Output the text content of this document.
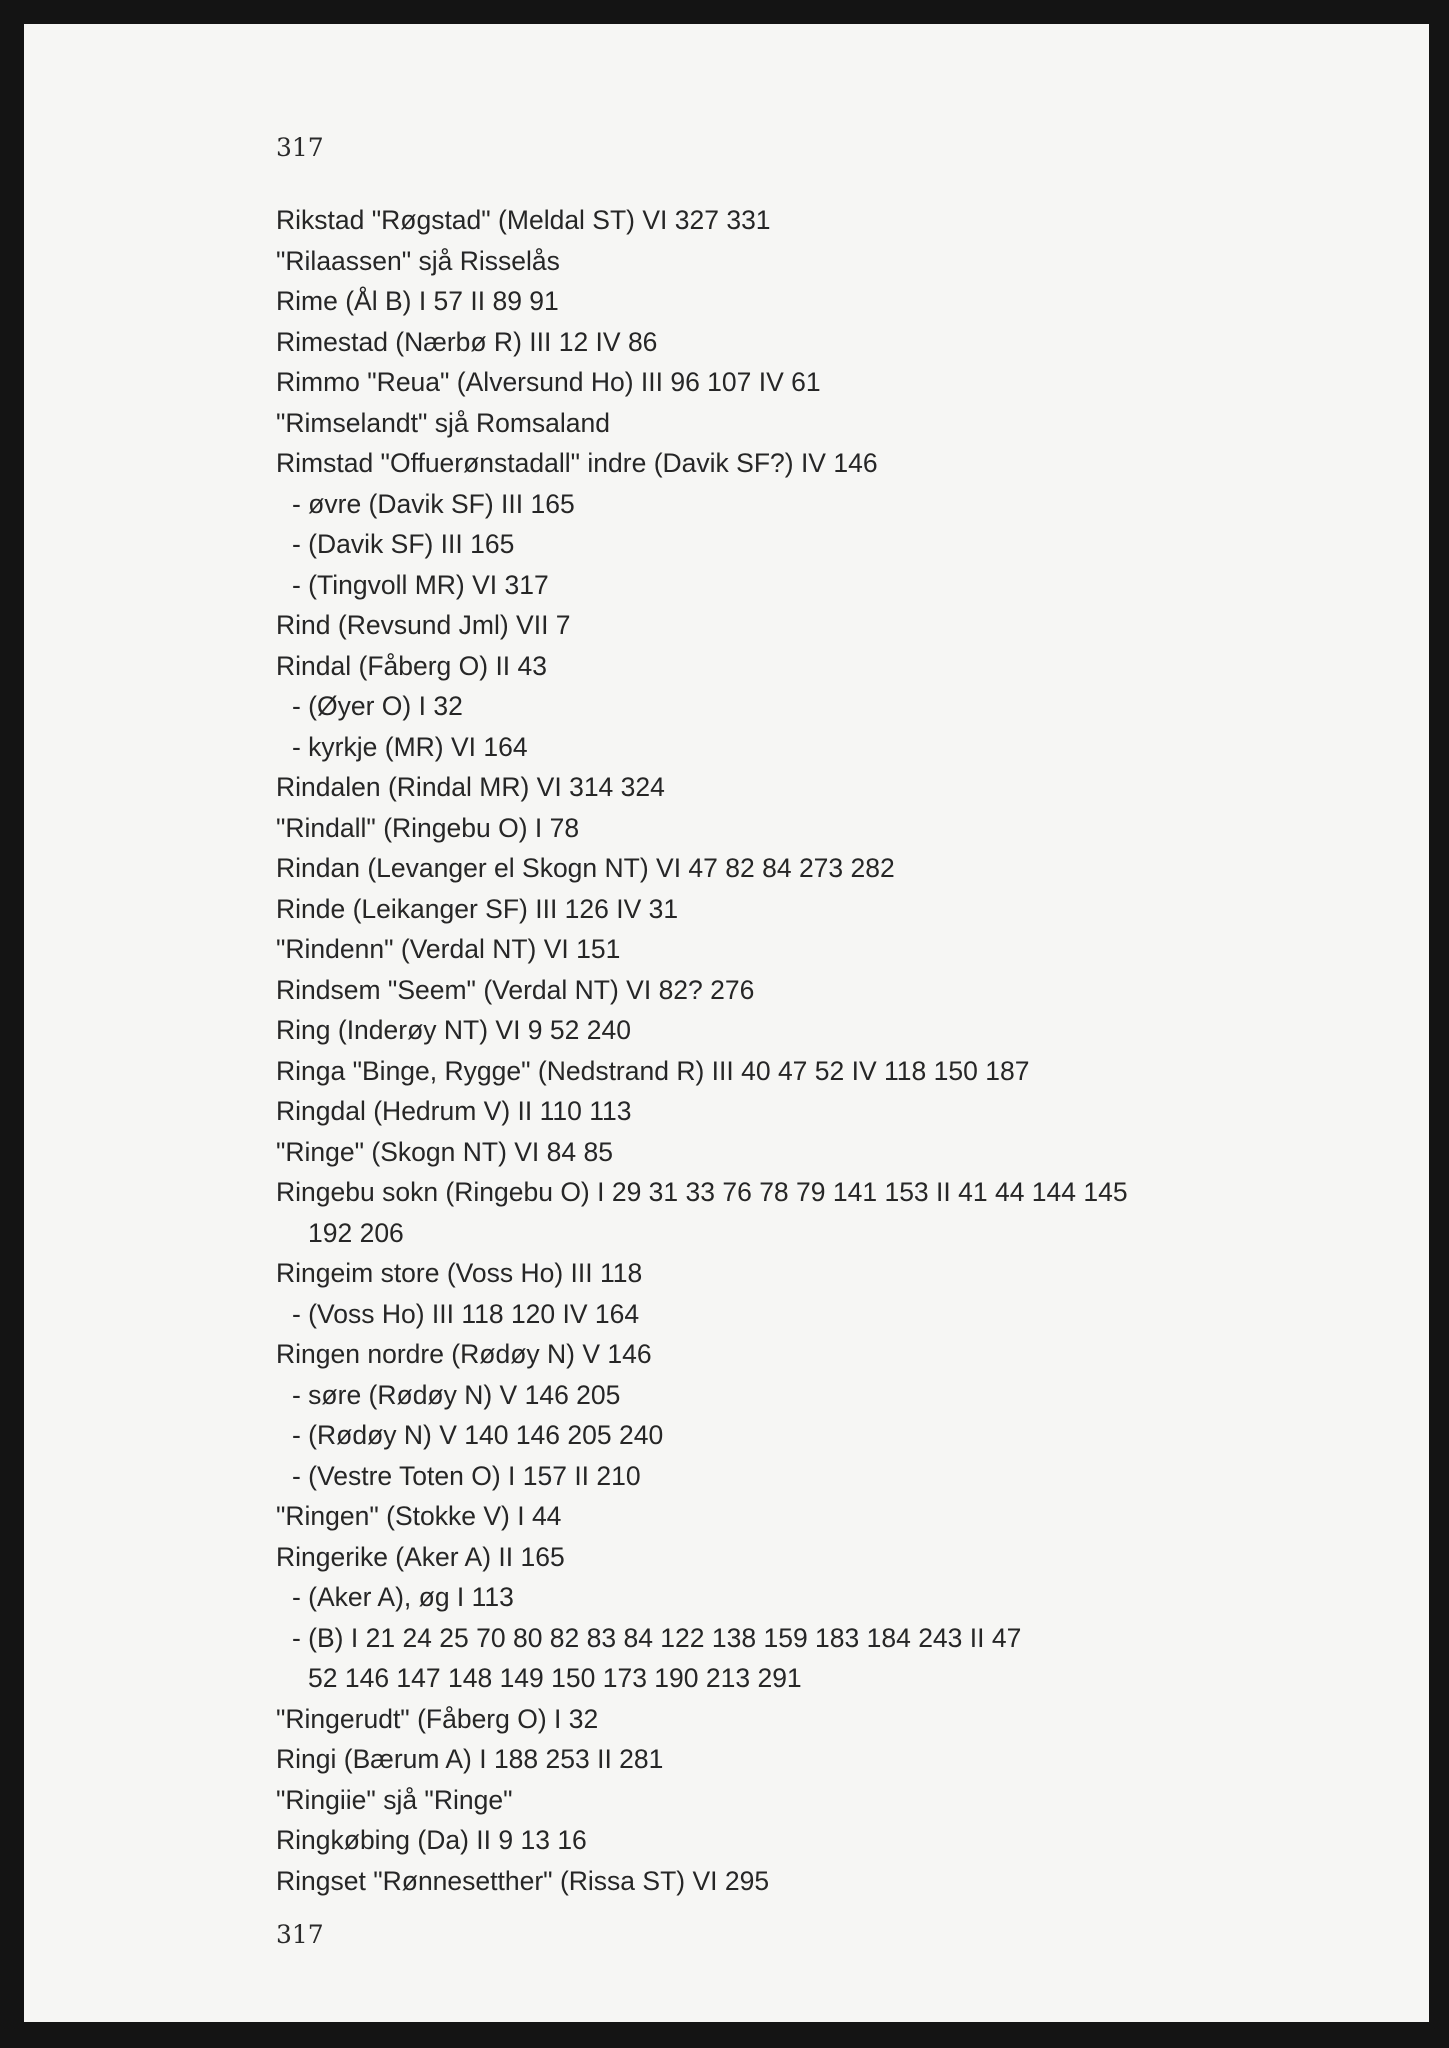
317
Rikstad "Røgstad" (Meldal ST) VI 327 331
"Rilaassen" sjå Risselås
Rime (Ål B) I 57 II 89 91
Rimestad (Nærbø R) III 12 IV 86
Rimmo "Reua" (Alversund Ho) III 96 107 IV 61
"Rimselandt" sjå Romsaland
Rimstad "Offuerønstadall" indre (Davik SF?) IV 146
- øvre (Davik SF) III 165
- (Davik SF) III 165
- (Tingvoll MR) VI 317
Rind (Revsund Jml) VII 7
Rindal (Fåberg O) II 43
- (Øyer O) I 32
- kyrkje (MR) VI 164
Rindalen (Rindal MR) VI 314 324
"Rindall" (Ringebu O) I 78
Rindan (Levanger el Skogn NT) VI 47 82 84 273 282
Rinde (Leikanger SF) III 126 IV 31
"Rindenn" (Verdal NT) VI 151
Rindsem "Seem" (Verdal NT) VI 82? 276
Ring (Inderøy NT) VI 9 52 240
Ringa "Binge, Rygge" (Nedstrand R) III 40 47 52 IV 118 150 187
Ringdal (Hedrum V) II 110 113
"Ringe" (Skogn NT) VI 84 85
Ringebu sokn (Ringebu O) I 29 31 33 76 78 79 141 153 II 41 44 144 145
192 206
Ringeim store (Voss Ho) III 118
- (Voss Ho) III 118 120 IV 164
Ringen nordre (Rødøy N) V 146
- søre (Rødøy N) V 146 205
- (Rødøy N) V 140 146 205 240
- (Vestre Toten O) I 157 II 210
"Ringen" (Stokke V) I 44
Ringerike (Aker A) II 165
- (Aker A), øg I 113
- (B) I 21 24 25 70 80 82 83 84 122 138 159 183 184 243 II 47
52 146 147 148 149 150 173 190 213 291
"Ringerudt" (Fåberg O) I 32
Ringi (Bærum A) I 188 253 II 281
"Ringiie" sjå "Ringe"
Ringkøbing (Da) II 9 13 16
Ringset "Rønnesetther" (Rissa ST) VI 295
317
